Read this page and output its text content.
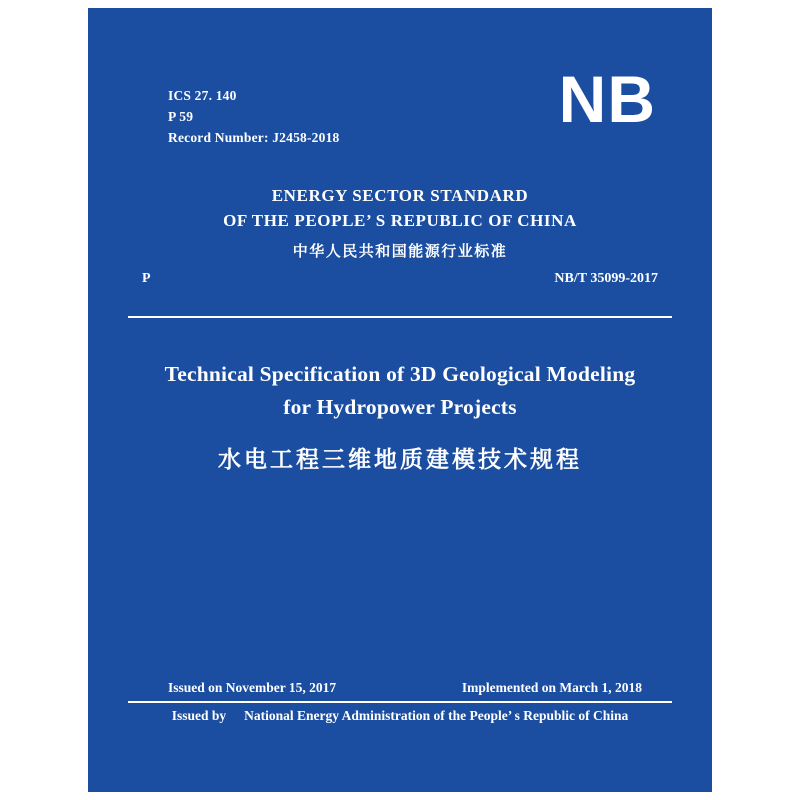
ICS 27. 140
P 59
Record Number: J2458-2018
NB
ENERGY SECTOR STANDARD
OF THE PEOPLE’ S REPUBLIC OF CHINA
中华人民共和国能源行业标准
P	NB/T 35099-2017
Technical Specification of 3D Geological Modeling
for Hydropower Projects
水电工程三维地质建模技术规程
Issued on November 15, 2017	Implemented on March 1, 2018
Issued by National Energy Administration of the People’ s Republic of China
